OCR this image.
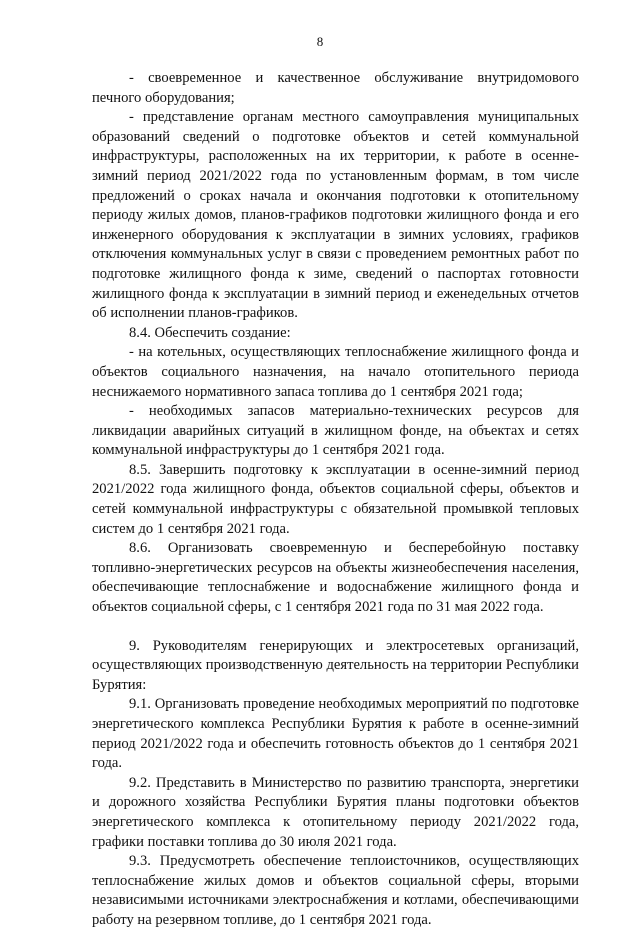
8

- своевременное и качественное обслуживание внутридомового печного оборудования;

- представление органам местного самоуправления муниципальных образований сведений о подготовке объектов и сетей коммунальной инфраструктуры, расположенных на их территории, к работе в осенне-зимний период 2021/2022 года по установленным формам, в том числе предложений о сроках начала и окончания подготовки к отопительному периоду жилых домов, планов-графиков подготовки жилищного фонда и его инженерного оборудования к эксплуатации в зимних условиях, графиков отключения коммунальных услуг в связи с проведением ремонтных работ по подготовке жилищного фонда к зиме, сведений о паспортах готовности жилищного фонда к эксплуатации в зимний период и еженедельных отчетов об исполнении планов-графиков.

8.4. Обеспечить создание:

- на котельных, осуществляющих теплоснабжение жилищного фонда и объектов социального назначения, на начало отопительного периода неснижаемого нормативного запаса топлива до 1 сентября 2021 года;

- необходимых запасов материально-технических ресурсов для ликвидации аварийных ситуаций в жилищном фонде, на объектах и сетях коммунальной инфраструктуры до 1 сентября 2021 года.

8.5. Завершить подготовку к эксплуатации в осенне-зимний период 2021/2022 года жилищного фонда, объектов социальной сферы, объектов и сетей коммунальной инфраструктуры с обязательной промывкой тепловых систем до 1 сентября 2021 года.

8.6. Организовать своевременную и бесперебойную поставку топливно-энергетических ресурсов на объекты жизнеобеспечения населения, обеспечивающие теплоснабжение и водоснабжение жилищного фонда и объектов социальной сферы, с 1 сентября 2021 года по 31 мая 2022 года.

9. Руководителям генерирующих и электросетевых организаций, осуществляющих производственную деятельность на территории Республики Бурятия:

9.1. Организовать проведение необходимых мероприятий по подготовке энергетического комплекса Республики Бурятия к работе в осенне-зимний период 2021/2022 года и обеспечить готовность объектов до 1 сентября 2021 года.

9.2. Представить в Министерство по развитию транспорта, энергетики и дорожного хозяйства Республики Бурятия планы подготовки объектов энергетического комплекса к отопительному периоду 2021/2022 года, графики поставки топлива до 30 июля 2021 года.

9.3. Предусмотреть обеспечение теплоисточников, осуществляющих теплоснабжение жилых домов и объектов социальной сферы, вторыми независимыми источниками электроснабжения и котлами, обеспечивающими работу на резервном топливе, до 1 сентября 2021 года.
